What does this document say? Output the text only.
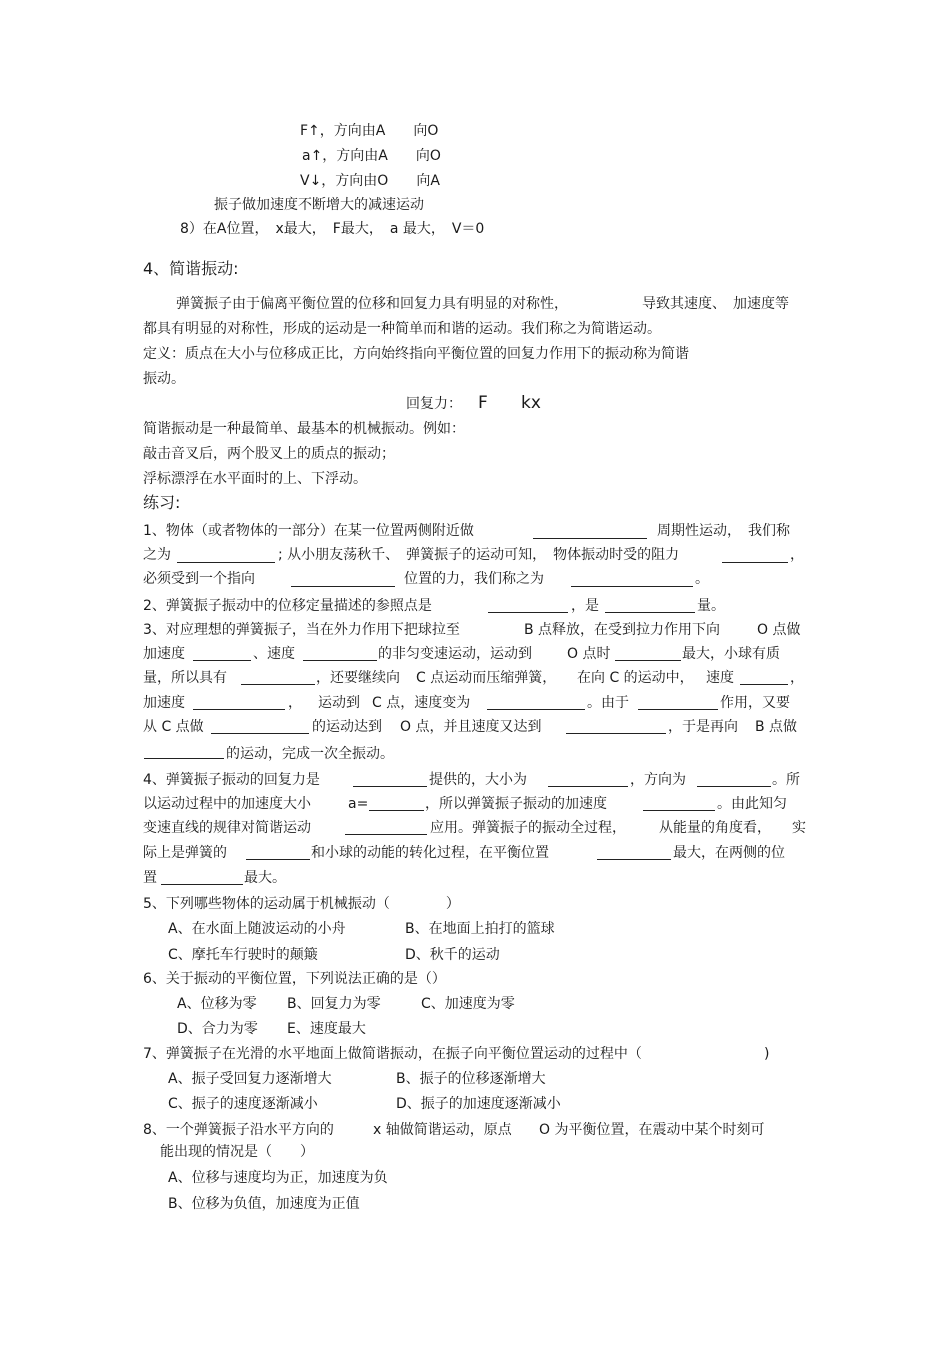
F↑，方向由A　　向O
a↑，方向由A　　向O
V↓，方向由O　　向A
振子做加速度不断增大的减速运动
8）在A位置，　x最大，　F最大，　a 最大，　V＝0
4、简谐振动:
弹簧振子由于偏离平衡位置的位移和回复力具有明显的对称性，	导致其速度、　加速度等
都具有明显的对称性，形成的运动是一种简单而和谐的运动。我们称之为简谐运动。
定义：质点在大小与位移成正比，方向始终指向平衡位置的回复力作用下的振动称为简谐
振动。
回复力： F kx
简谐振动是一种最简单、最基本的机械振动。例如：
敲击音叉后，两个股叉上的质点的振动；
浮标漂浮在水平面时的上、下浮动。
练习:
1、物体（或者物体的一部分）在某一位置两侧附近做	周期性运动，　我们称
之为	; 从小朋友荡秋千、　弹簧振子的运动可知，　物体振动时受的阻力	，
必须受到一个指向	位置的力，我们称之为	。
2、弹簧振子振动中的位移定量描述的参照点是	，是	量。
3、对应理想的弹簧振子，当在外力作用下把球拉至	B 点释放，在受到拉力作用下向	O 点做
加速度	、速度	的非匀变速运动，运动到	O 点时	最大，小球有质
量，所以具有	，还要继续向 C 点运动而压缩弹簧， 在向 C 的运动中， 速度	，
加速度	， 运动到 C 点，速度变为	。由于	作用，又要
从 C 点做	的运动达到 O 点，并且速度又达到	，于是再向 B 点做
的运动，完成一次全振动。
4、弹簧振子振动的回复力是	提供的，大小为	，方向为	。所
以运动过程中的加速度大小	a=	，所以弹簧振子振动的加速度	。由此知匀
变速直线的规律对简谐运动	应用。弹簧振子的振动全过程， 从能量的角度看， 实
际上是弹簧的	和小球的动能的转化过程，在平衡位置	最大，在两侧的位
置	最大。
5、下列哪些物体的运动属于机械振动（　　　　）
A、在水面上随波运动的小舟	B、在地面上拍打的篮球
C、摩托车行驶时的颠簸	D、秋千的运动
6、关于振动的平衡位置，下列说法正确的是（）
A、位移为零 B、回复力为零	C、加速度为零
D、合力为零 E、速度最大
7、弹簧振子在光滑的水平地面上做简谐振动，在振子向平衡位置运动的过程中（	)
A、振子受回复力逐渐增大	B、振子的位移逐渐增大
C、振子的速度逐渐减小	D、振子的加速度逐渐减小
8、一个弹簧振子沿水平方向的	x 轴做简谐运动，原点 O 为平衡位置，在震动中某个时刻可
能出现的情况是（　　）
A、位移与速度均为正，加速度为负
B、位移为负值，加速度为正值
